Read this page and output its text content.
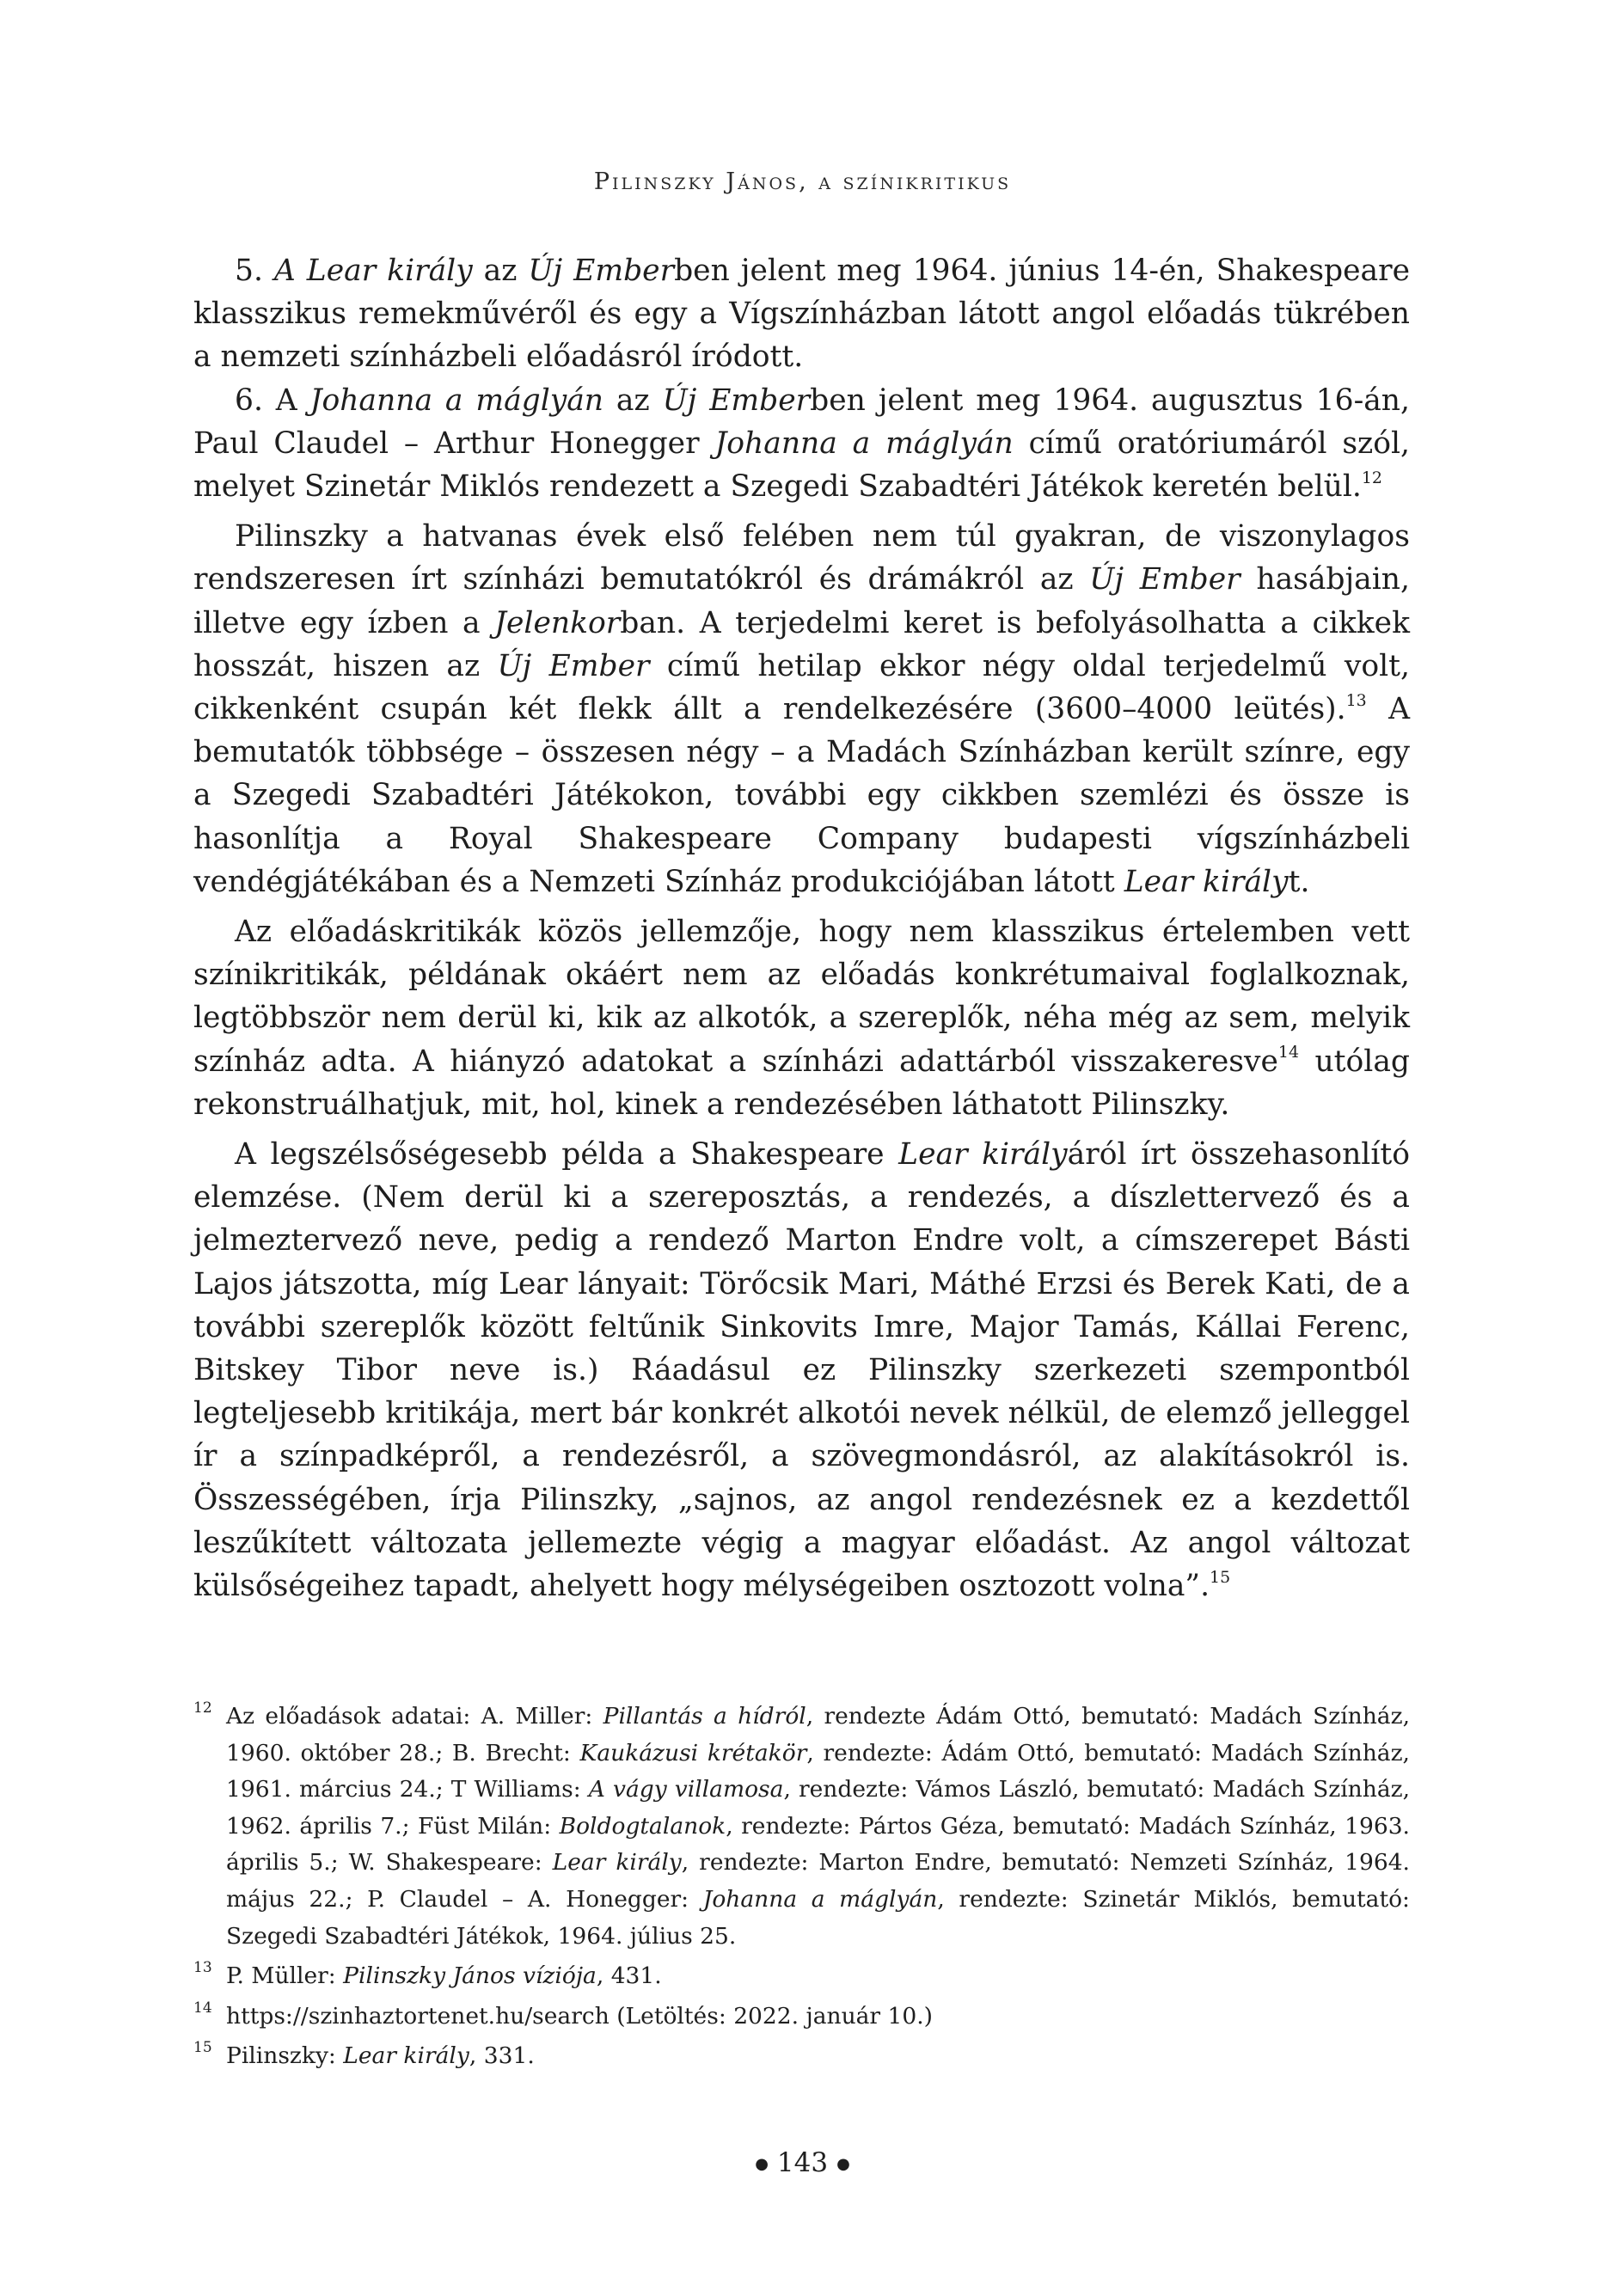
Pilinszky János, a színikritikus

5. A Lear király az Új Emberben jelent meg 1964. június 14-én, Shakespeare klasszikus remekművéről és egy a Vígszínházban látott angol előadás tükrében a nemzeti színházbeli előadásról íródott.

6. A Johanna a máglyán az Új Emberben jelent meg 1964. augusztus 16-án, Paul Claudel – Arthur Honegger Johanna a máglyán című oratóriumáról szól, melyet Szinetár Miklós rendezett a Szegedi Szabadtéri Játékok keretén belül.$^{12}$

Pilinszky a hatvanas évek első felében nem túl gyakran, de viszonylagos rendszeresen írt színházi bemutatókról és drámákról az Új Ember hasábjain, illetve egy ízben a Jelenkorban. A terjedelmi keret is befolyásolhatta a cikkek hosszát, hiszen az Új Ember című hetilap ekkor négy oldal terjedelmű volt, cikkenként csupán két flekk állt a rendelkezésére (3600–4000 leütés).$^{13}$ A bemutatók többsége – összesen négy – a Madách Színházban került színre, egy a Szegedi Szabadtéri Játékokon, további egy cikkben szemlézi és össze is hasonlítja a Royal Shakespeare Company budapesti vígszínházbeli vendégjátékában és a Nemzeti Színház produkciójában látott Lear királyt.

Az előadáskritikák közös jellemzője, hogy nem klasszikus értelemben vett színikritikák, példának okáért nem az előadás konkrétumaival foglalkoznak, legtöbbször nem derül ki, kik az alkotók, a szereplők, néha még az sem, melyik színház adta. A hiányzó adatokat a színházi adattárból visszakeresve$^{14}$ utólag rekonstruálhatjuk, mit, hol, kinek a rendezésében láthatott Pilinszky.

A legszélsőségesebb példa a Shakespeare Lear királyáról írt összehasonlító elemzése. (Nem derül ki a szereposztás, a rendezés, a díszlettervező és a jelmeztervező neve, pedig a rendező Marton Endre volt, a címszerepet Básti Lajos játszotta, míg Lear lányait: Törőcsik Mari, Máthé Erzsi és Berek Kati, de a további szereplők között feltűnik Sinkovits Imre, Major Tamás, Kállai Ferenc, Bitskey Tibor neve is.) Ráadásul ez Pilinszky szerkezeti szempontból legteljesebb kritikája, mert bár konkrét alkotói nevek nélkül, de elemző jelleggel ír a színpadképről, a rendezésről, a szövegmondásról, az alakításokról is. Összességében, írja Pilinszky, „sajnos, az angol rendezésnek ez a kezdettől leszűkített változata jellemezte végig a magyar előadást. Az angol változat külsőségeihez tapadt, ahelyett hogy mélységeiben osztozott volna”.$^{15}$

12 Az előadások adatai: A. Miller: Pillantás a hídról, rendezte Ádám Ottó, bemutató: Madách Színház, 1960. október 28.; B. Brecht: Kaukázusi krétakör, rendezte: Ádám Ottó, bemutató: Madách Színház, 1961. március 24.; T Williams: A vágy villamosa, rendezte: Vámos László, bemutató: Madách Színház, 1962. április 7.; Füst Milán: Boldogtalanok, rendezte: Pártos Géza, bemutató: Madách Színház, 1963. április 5.; W. Shakespeare: Lear király, rendezte: Marton Endre, bemutató: Nemzeti Színház, 1964. május 22.; P. Claudel – A. Honegger: Johanna a máglyán, rendezte: Szinetár Miklós, bemutató: Szegedi Szabadtéri Játékok, 1964. július 25.
13 P. Müller: Pilinszky János víziója, 431.
14 https://szinhaztortenet.hu/search (Letöltés: 2022. január 10.)
15 Pilinszky: Lear király, 331.
● 143 ●
